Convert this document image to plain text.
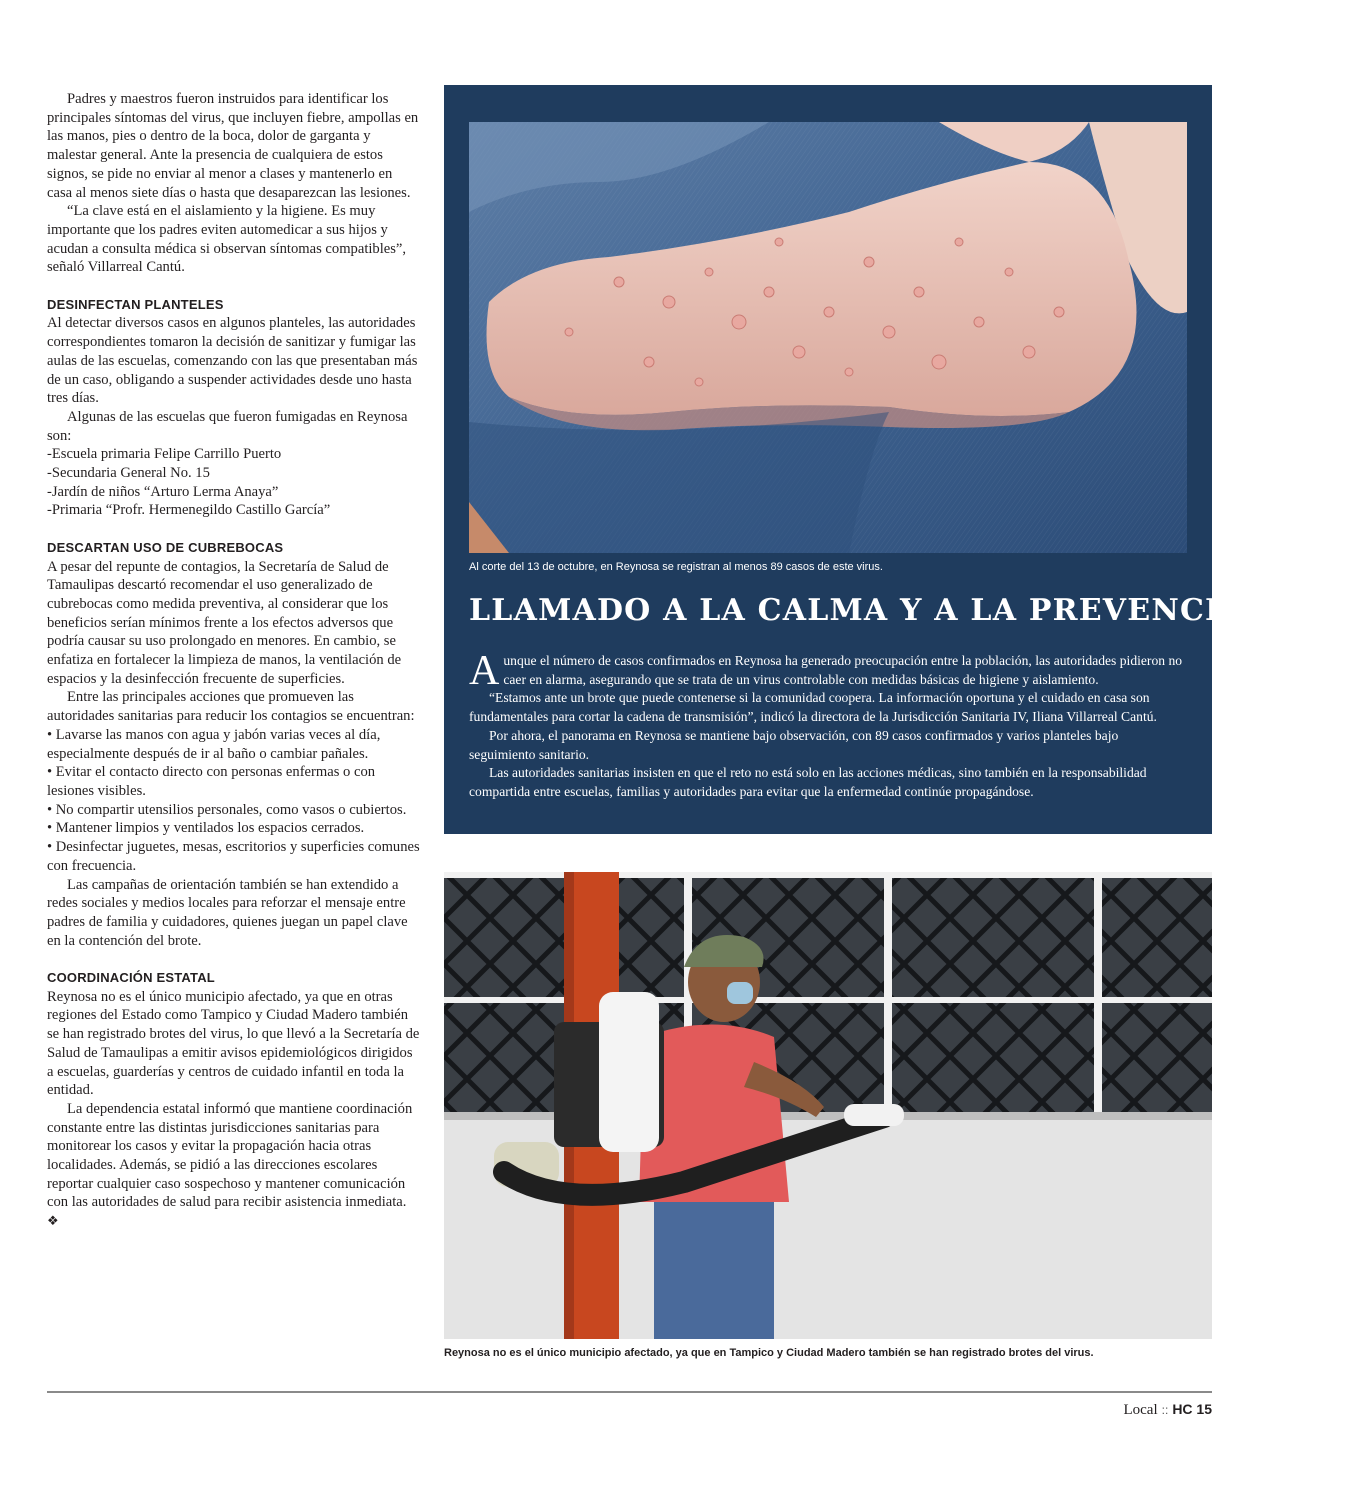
Padres y maestros fueron instruidos para identificar los principales síntomas del virus, que incluyen fiebre, ampollas en las manos, pies o dentro de la boca, dolor de garganta y malestar general. Ante la presencia de cualquiera de estos signos, se pide no enviar al menor a clases y mantenerlo en casa al menos siete días o hasta que desaparezcan las lesiones.

“La clave está en el aislamiento y la higiene. Es muy importante que los padres eviten automedicar a sus hijos y acudan a consulta médica si observan síntomas compatibles”, señaló Villarreal Cantú.

DESINFECTAN PLANTELES

Al detectar diversos casos en algunos planteles, las autoridades correspondientes tomaron la decisión de sanitizar y fumigar las aulas de las escuelas, comenzando con las que presentaban más de un caso, obligando a suspender actividades desde uno hasta tres días.

Algunas de las escuelas que fueron fumigadas en Reynosa son:

-Escuela primaria Felipe Carrillo Puerto

-Secundaria General No. 15

-Jardín de niños “Arturo Lerma Anaya”

-Primaria “Profr. Hermenegildo Castillo García”

DESCARTAN USO DE CUBREBOCAS

A pesar del repunte de contagios, la Secretaría de Salud de Tamaulipas descartó recomendar el uso generalizado de cubrebocas como medida preventiva, al considerar que los beneficios serían mínimos frente a los efectos adversos que podría causar su uso prolongado en menores. En cambio, se enfatiza en fortalecer la limpieza de manos, la ventilación de espacios y la desinfección frecuente de superficies.

Entre las principales acciones que promueven las autoridades sanitarias para reducir los contagios se encuentran:

• Lavarse las manos con agua y jabón varias veces al día, especialmente después de ir al baño o cambiar pañales.

• Evitar el contacto directo con personas enfermas o con lesiones visibles.

• No compartir utensilios personales, como vasos o cubiertos.

• Mantener limpios y ventilados los espacios cerrados.

• Desinfectar juguetes, mesas, escritorios y superficies comunes con frecuencia.

Las campañas de orientación también se han extendido a redes sociales y medios locales para reforzar el mensaje entre padres de familia y cuidadores, quienes juegan un papel clave en la contención del brote.

COORDINACIÓN ESTATAL

Reynosa no es el único municipio afectado, ya que en otras regiones del Estado como Tampico y Ciudad Madero también se han registrado brotes del virus, lo que llevó a la Secretaría de Salud de Tamaulipas a emitir avisos epidemiológicos dirigidos a escuelas, guarderías y centros de cuidado infantil en toda la entidad.

La dependencia estatal informó que mantiene coordinación constante entre las distintas jurisdicciones sanitarias para monitorear los casos y evitar la propagación hacia otras localidades. Además, se pidió a las direcciones escolares reportar cualquier caso sospechoso y mantener comunicación con las autoridades de salud para recibir asistencia inmediata. ❖

Al corte del 13 de octubre, en Reynosa se registran al menos 89 casos de este virus.
LLAMADO A LA CALMA Y A LA PREVENCIÓN

Aunque el número de casos confirmados en Reynosa ha generado preocupación entre la población, las autoridades pidieron no caer en alarma, asegurando que se trata de un virus controlable con medidas básicas de higiene y aislamiento.

“Estamos ante un brote que puede contenerse si la comunidad coopera. La información oportuna y el cuidado en casa son fundamentales para cortar la cadena de transmisión”, indicó la directora de la Jurisdicción Sanitaria IV, Iliana Villarreal Cantú.

Por ahora, el panorama en Reynosa se mantiene bajo observación, con 89 casos confirmados y varios planteles bajo seguimiento sanitario.

Las autoridades sanitarias insisten en que el reto no está solo en las acciones médicas, sino también en la responsabilidad compartida entre escuelas, familias y autoridades para evitar que la enfermedad continúe propagándose.

Reynosa no es el único municipio afectado, ya que en Tampico y Ciudad Madero también se han registrado brotes del virus.
Local :: HC 15
